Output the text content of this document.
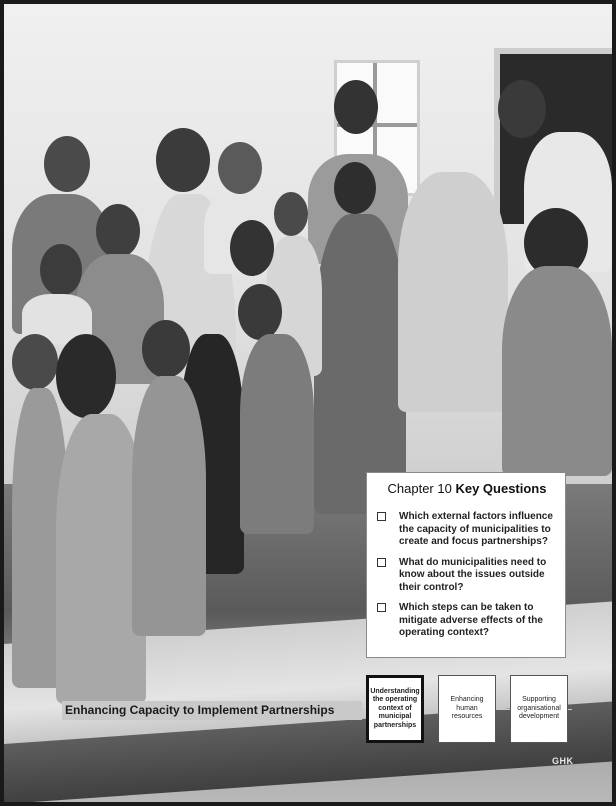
Chapter 10 Key Questions
Which external factors influence the capacity of municipalities to create and focus partnerships?
What do municipalities need to know about the issues outside their control?
Which steps can be taken to mitigate adverse effects of the operating context?
Enhancing Capacity to Implement Partnerships
Understanding the operating context of municipal partnerships
Enhancing human resources
Supporting organisational development
GHK
